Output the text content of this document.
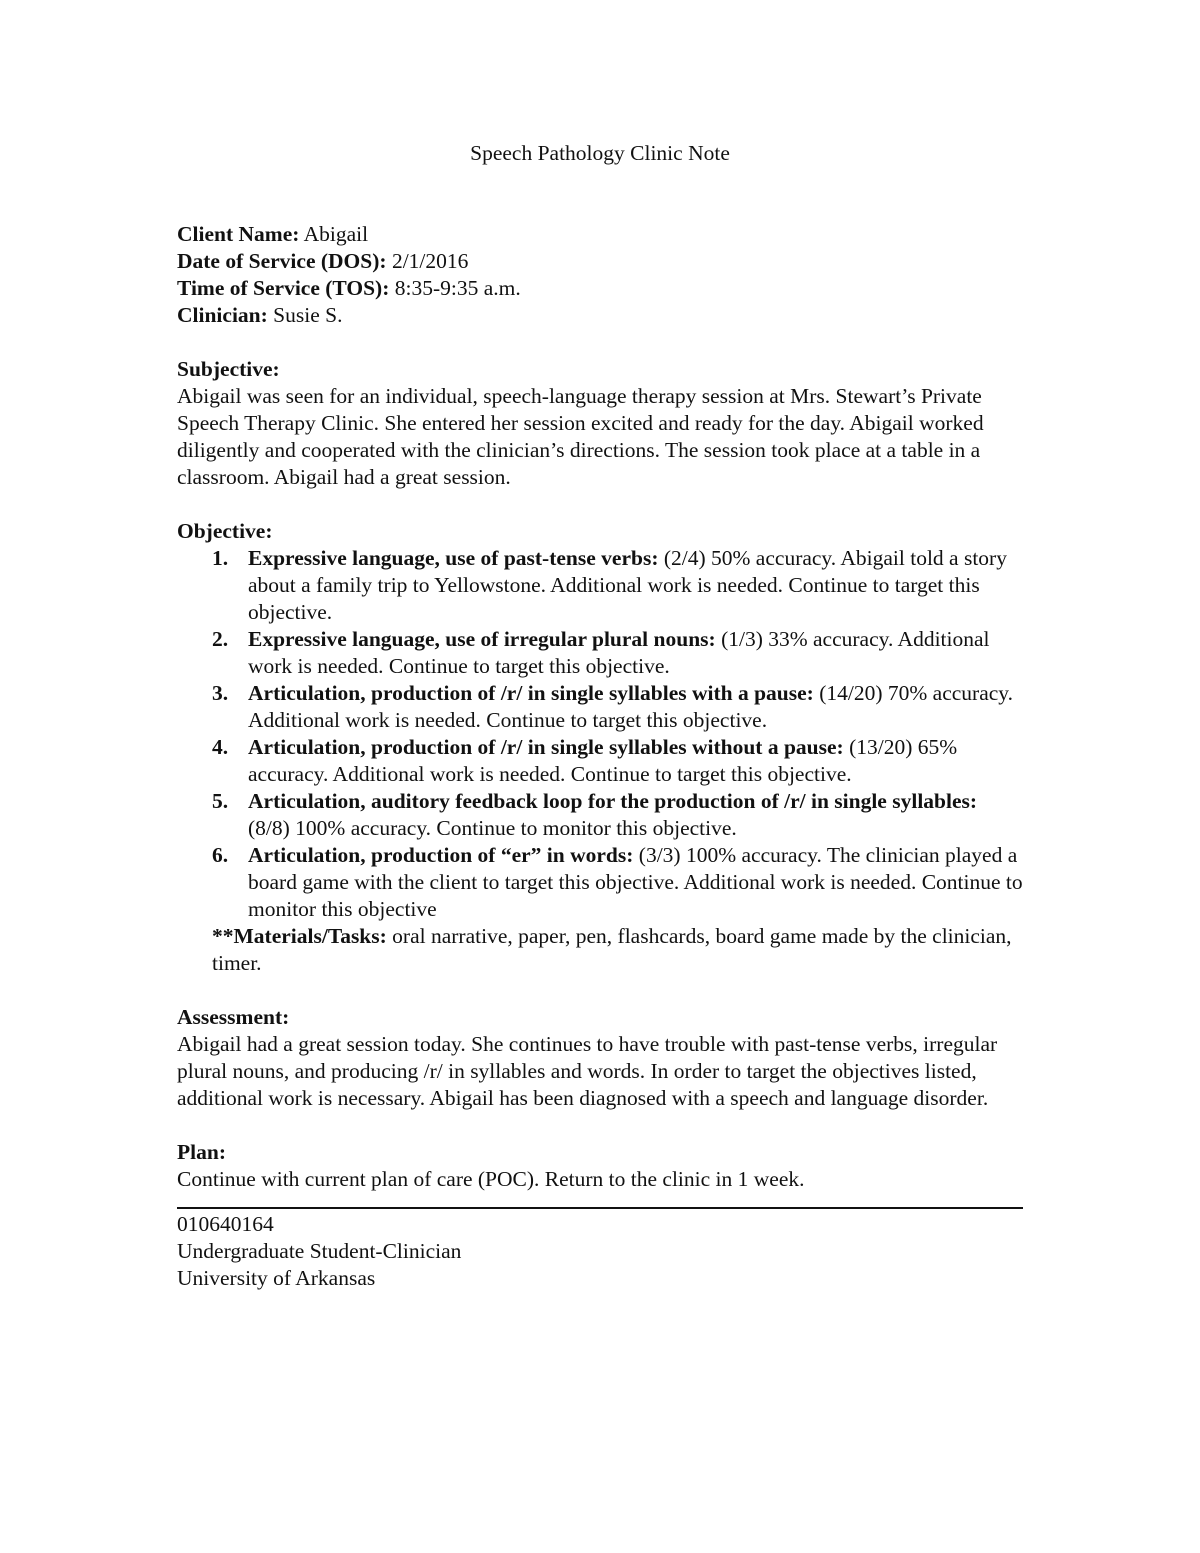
Speech Pathology Clinic Note

Client Name: Abigail

Date of Service (DOS): 2/1/2016

Time of Service (TOS): 8:35-9:35 a.m.

Clinician: Susie S.

Subjective:

Abigail was seen for an individual, speech-language therapy session at Mrs. Stewart’s Private Speech Therapy Clinic. She entered her session excited and ready for the day. Abigail worked diligently and cooperated with the clinician’s directions. The session took place at a table in a classroom. Abigail had a great session.

Objective:

1. Expressive language, use of past-tense verbs: (2/4) 50% accuracy. Abigail told a story about a family trip to Yellowstone. Additional work is needed. Continue to target this objective.
2. Expressive language, use of irregular plural nouns: (1/3) 33% accuracy. Additional work is needed. Continue to target this objective.
3. Articulation, production of /r/ in single syllables with a pause: (14/20) 70% accuracy. Additional work is needed. Continue to target this objective.
4. Articulation, production of /r/ in single syllables without a pause: (13/20) 65% accuracy. Additional work is needed. Continue to target this objective.
5. Articulation, auditory feedback loop for the production of /r/ in single syllables: (8/8) 100% accuracy. Continue to monitor this objective.
6. Articulation, production of “er” in words: (3/3) 100% accuracy. The clinician played a board game with the client to target this objective. Additional work is needed. Continue to monitor this objective

**Materials/Tasks: oral narrative, paper, pen, flashcards, board game made by the clinician, timer.

Assessment:

Abigail had a great session today. She continues to have trouble with past-tense verbs, irregular plural nouns, and producing /r/ in syllables and words. In order to target the objectives listed, additional work is necessary. Abigail has been diagnosed with a speech and language disorder.

Plan:

Continue with current plan of care (POC). Return to the clinic in 1 week.

010640164

Undergraduate Student-Clinician

University of Arkansas
